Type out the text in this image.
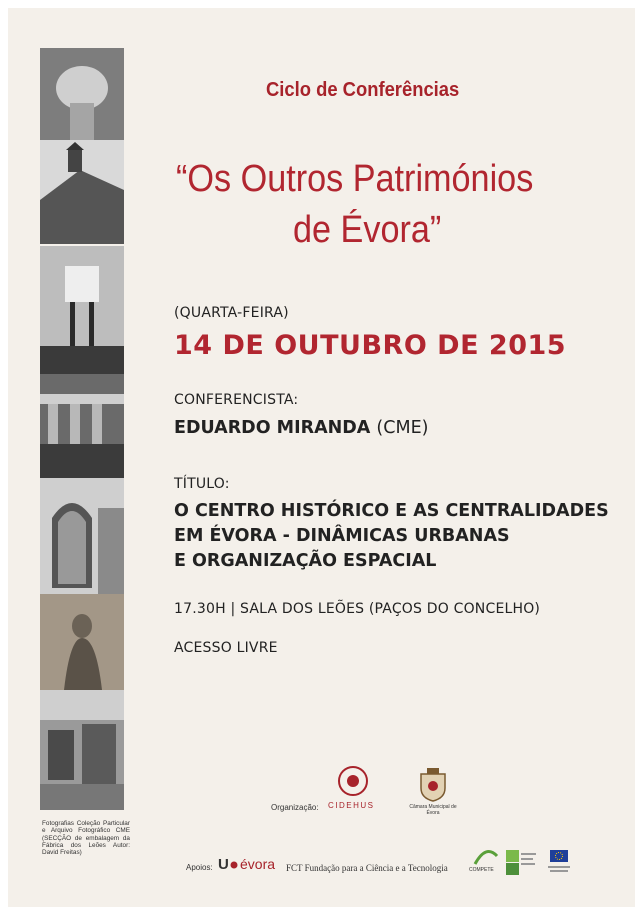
Fotografias Coleção Particular e Arquivo Fotográfico CME (SECÇÃO de embalagem da Fábrica dos Leões Autor: David Freitas)
Ciclo de Conferências
“Os Outros Patrimónios
de Évora”
(QUARTA-FEIRA)
14 DE OUTUBRO DE 2015
CONFERENCISTA:
EDUARDO MIRANDA (CME)
TÍTULO:
O CENTRO HISTÓRICO E AS CENTRALIDADES
EM ÉVORA - DINÂMICAS URBANAS
E ORGANIZAÇÃO ESPACIAL
17.30H | SALA DOS LEÕES (PAÇOS DO CONCELHO)
ACESSO LIVRE
Organização: CIDEHUS	Câmara Municipal de Évora
Apoios: U évora FCT Fundação para a Ciência e a Tecnologia	COMPETE
